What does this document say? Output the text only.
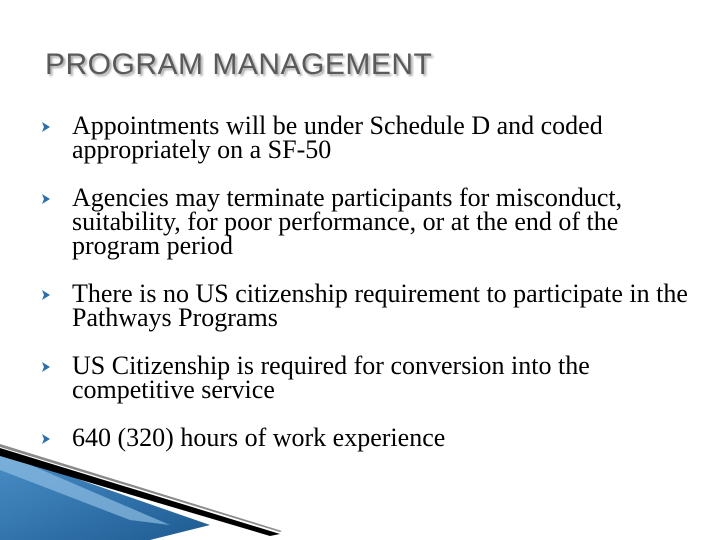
PROGRAM MANAGEMENT
Appointments will be under Schedule D and coded appropriately on a SF-50
Agencies may terminate participants for misconduct, suitability, for poor performance, or at the end of the program period
There is no US citizenship requirement to participate in the Pathways Programs
US Citizenship is required for conversion into the competitive service
640 (320) hours of work experience
